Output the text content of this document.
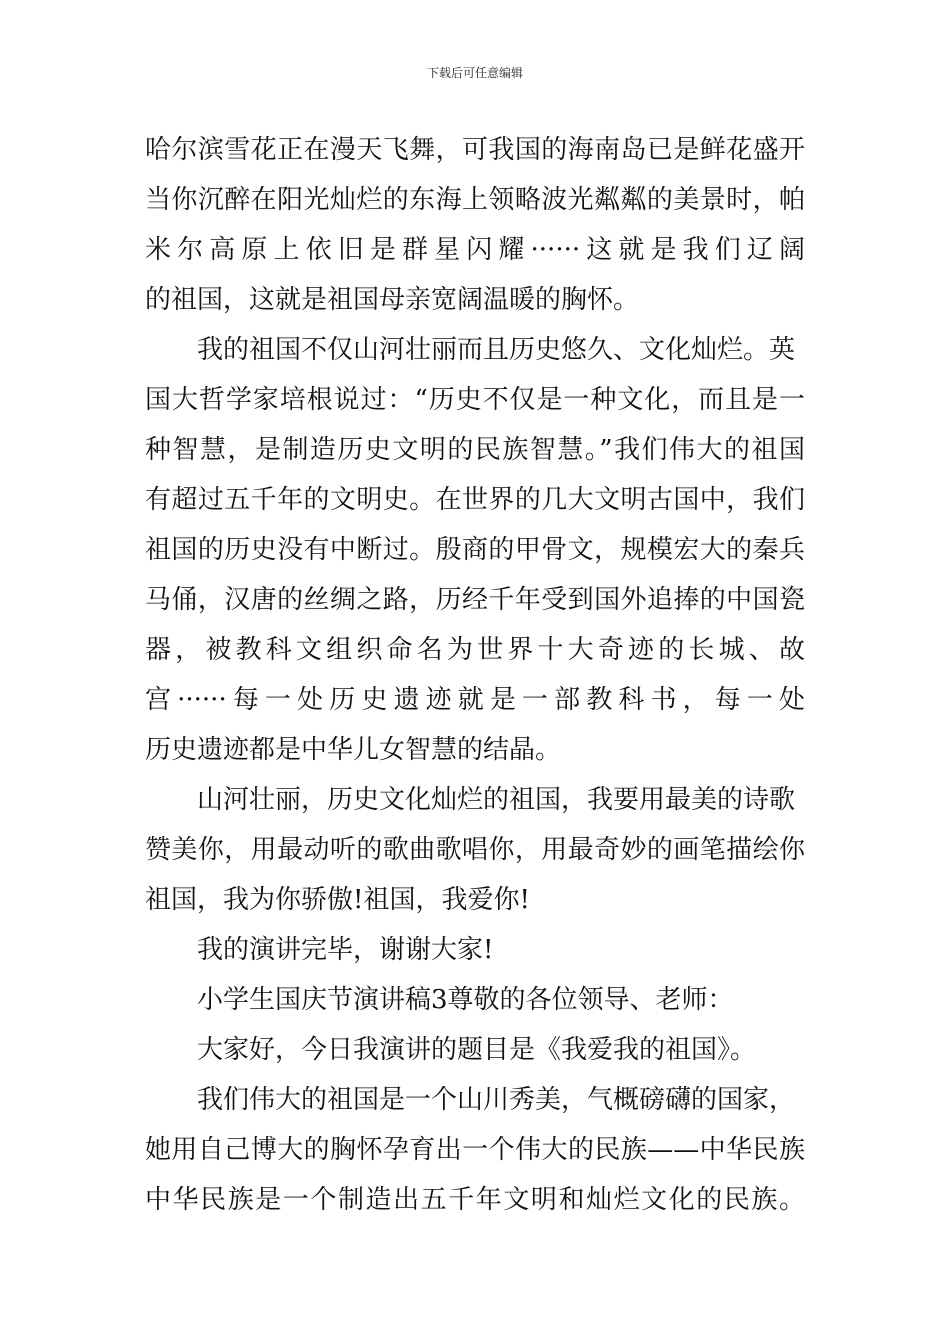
下载后可任意编辑
哈尔滨雪花正在漫天飞舞，可我国的海南岛已是鲜花盛开
当你沉醉在阳光灿烂的东海上领略波光粼粼的美景时，帕
米尔高原上依旧是群星闪耀······这就是我们辽阔
的祖国，这就是祖国母亲宽阔温暖的胸怀。
我的祖国不仅山河壮丽而且历史悠久、文化灿烂。英
国大哲学家培根说过：“历史不仅是一种文化，而且是一
种智慧，是制造历史文明的民族智慧。”我们伟大的祖国
有超过五千年的文明史。在世界的几大文明古国中，我们
祖国的历史没有中断过。殷商的甲骨文，规模宏大的秦兵
马俑，汉唐的丝绸之路，历经千年受到国外追捧的中国瓷
器，被教科文组织命名为世界十大奇迹的长城、故
宫······每一处历史遗迹就是一部教科书，每一处
历史遗迹都是中华儿女智慧的结晶。
山河壮丽，历史文化灿烂的祖国，我要用最美的诗歌
赞美你，用最动听的歌曲歌唱你，用最奇妙的画笔描绘你
祖国，我为你骄傲!祖国，我爱你!
我的演讲完毕，谢谢大家!
小学生国庆节演讲稿3尊敬的各位领导、老师：
大家好，今日我演讲的题目是《我爱我的祖国》。
我们伟大的祖国是一个山川秀美，气概磅礴的国家，
她用自己博大的胸怀孕育出一个伟大的民族——中华民族
中华民族是一个制造出五千年文明和灿烂文化的民族。
